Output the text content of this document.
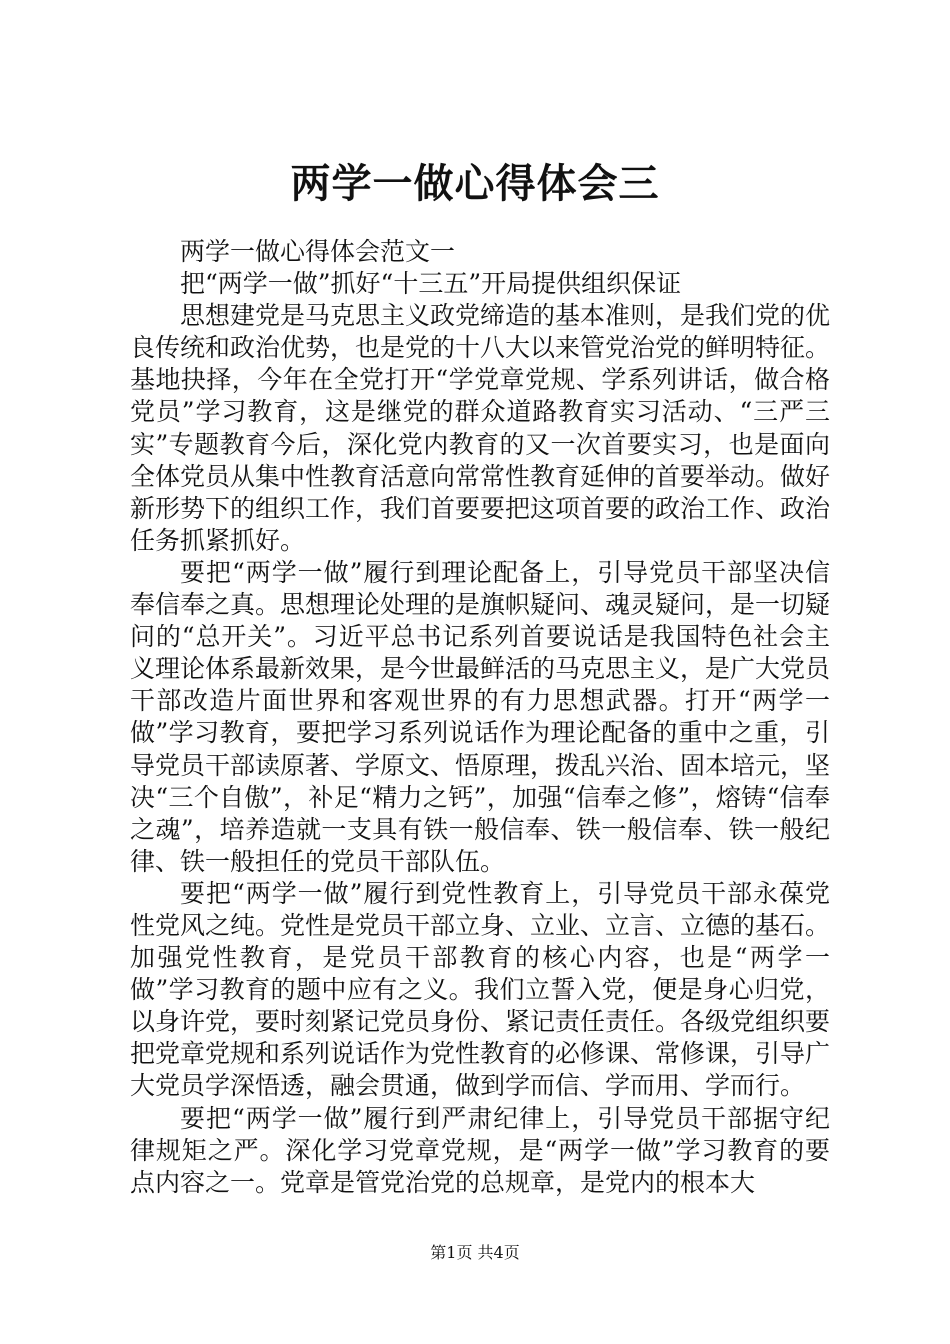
两学一做心得体会三

两学一做心得体会范文一

把“两学一做”抓好“十三五”开局提供组织保证

思想建党是马克思主义政党缔造的基本准则，是我们党的优良传统和政治优势，也是党的十八大以来管党治党的鲜明特征。基地抉择，今年在全党打开“学党章党规、学系列讲话，做合格党员”学习教育，这是继党的群众道路教育实习活动、“三严三实”专题教育今后，深化党内教育的又一次首要实习，也是面向全体党员从集中性教育活意向常常性教育延伸的首要举动。做好新形势下的组织工作，我们首要要把这项首要的政治工作、政治任务抓紧抓好。

要把“两学一做”履行到理论配备上，引导党员干部坚决信奉信奉之真。思想理论处理的是旗帜疑问、魂灵疑问，是一切疑问的“总开关”。习近平总书记系列首要说话是我国特色社会主义理论体系最新效果，是今世最鲜活的马克思主义，是广大党员干部改造片面世界和客观世界的有力思想武器。打开“两学一做”学习教育，要把学习系列说话作为理论配备的重中之重，引导党员干部读原著、学原文、悟原理，拨乱兴治、固本培元，坚决“三个自傲”，补足“精力之钙”，加强“信奉之修”，熔铸“信奉之魂”，培养造就一支具有铁一般信奉、铁一般信奉、铁一般纪律、铁一般担任的党员干部队伍。

要把“两学一做”履行到党性教育上，引导党员干部永葆党性党风之纯。党性是党员干部立身、立业、立言、立德的基石。加强党性教育，是党员干部教育的核心内容，也是“两学一做”学习教育的题中应有之义。我们立誓入党，便是身心归党，以身许党，要时刻紧记党员身份、紧记责任责任。各级党组织要把党章党规和系列说话作为党性教育的必修课、常修课，引导广大党员学深悟透，融会贯通，做到学而信、学而用、学而行。

要把“两学一做”履行到严肃纪律上，引导党员干部据守纪律规矩之严。深化学习党章党规，是“两学一做”学习教育的要点内容之一。党章是管党治党的总规章，是党内的根本大

第1页 共4页
